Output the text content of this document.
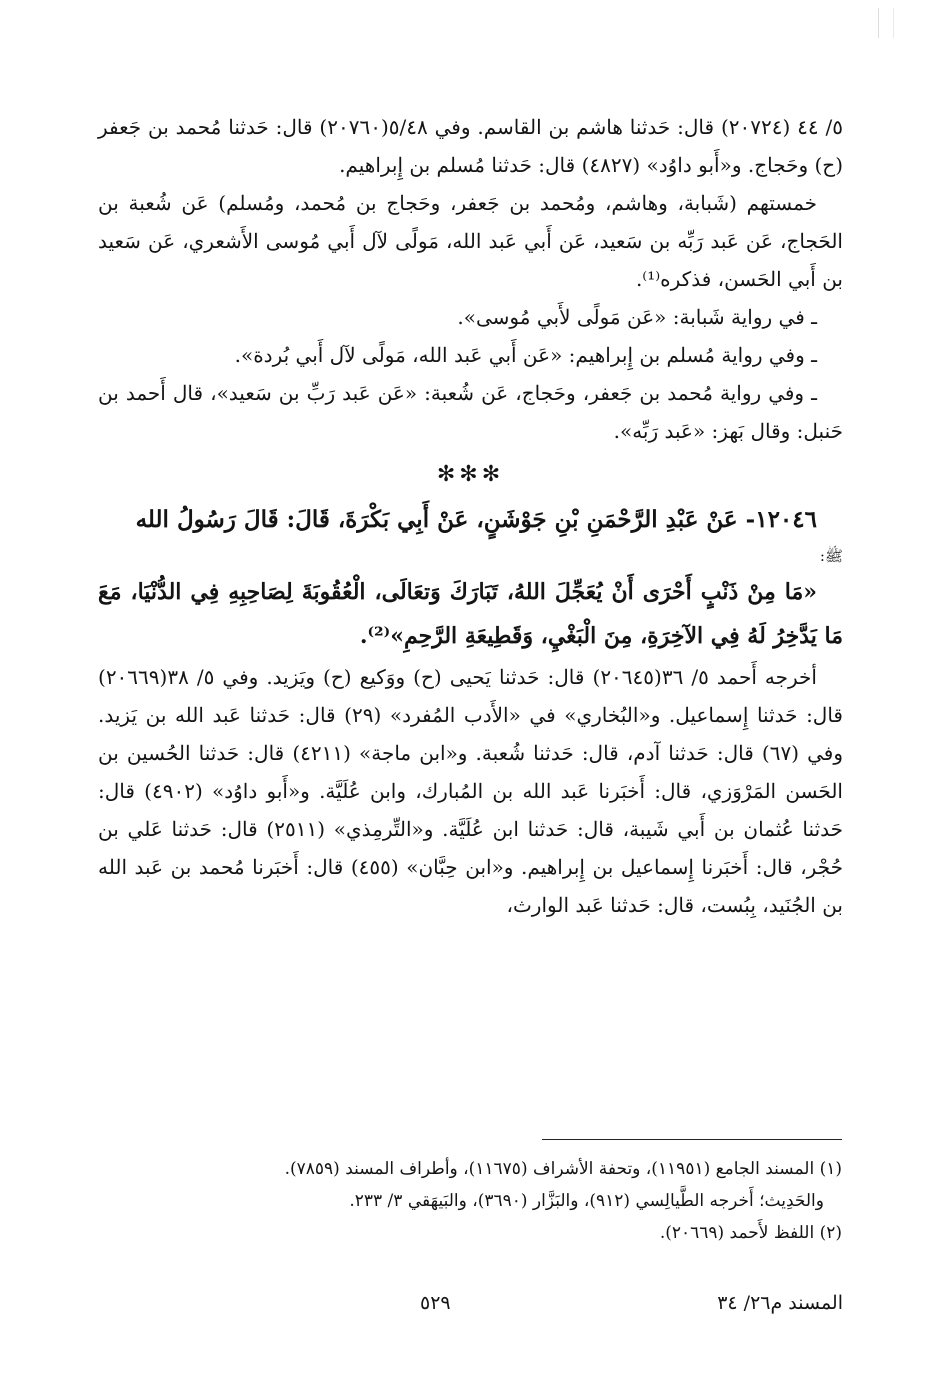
٥/ ٤٤ (٢٠٧٢٤) قال: حَدثنا هاشم بن القاسم. وفي ٥/٤٨(٢٠٧٦٠) قال: حَدثنا مُحمد بن جَعفر (ح) وحَجاج. و«أَبو داوُد» (٤٨٢٧) قال: حَدثنا مُسلم بن إِبراهيم.

خمستهم (شَبابة، وهاشم، ومُحمد بن جَعفر، وحَجاج بن مُحمد، ومُسلم) عَن شُعبة بن الحَجاج، عَن عَبد رَبِّه بن سَعيد، عَن أَبي عَبد الله، مَولًى لآل أَبي مُوسى الأَشعري، عَن سَعيد بن أَبي الحَسن، فذكره⁽¹⁾.

ـ في رواية شَبابة: «عَن مَولًى لأَبي مُوسى».

ـ وفي رواية مُسلم بن إِبراهيم: «عَن أَبي عَبد الله، مَولًى لآل أَبي بُردة».

ـ وفي رواية مُحمد بن جَعفر، وحَجاج، عَن شُعبة: «عَن عَبد رَبِّ بن سَعيد»، قال أَحمد بن حَنبل: وقال بَهز: «عَبد رَبِّه».

✻✻✻

١٢٠٤٦- عَنْ عَبْدِ الرَّحْمَنِ بْنِ جَوْشَنٍ، عَنْ أَبِي بَكْرَةَ، قَالَ: قَالَ رَسُولُ الله

ﷺ:

«مَا مِنْ ذَنْبٍ أَحْرَى أَنْ يُعَجِّلَ اللهُ، تَبَارَكَ وَتعَالَى، الْعُقُوبَةَ لِصَاحِبِهِ فِي الدُّنْيَا، مَعَ مَا يَدَّخِرُ لَهُ فِي الآخِرَةِ، مِنَ الْبَغْيِ، وَقَطِيعَةِ الرَّحِمِ»⁽²⁾.

أخرجه أَحمد ٥/ ٣٦(٢٠٦٤٥) قال: حَدثنا يَحيى (ح) ووَكيع (ح) ويَزيد. وفي ٥/ ٣٨(٢٠٦٦٩) قال: حَدثنا إِسماعيل. و«البُخاري» في «الأَدب المُفرد» (٢٩) قال: حَدثنا عَبد الله بن يَزيد. وفي (٦٧) قال: حَدثنا آدم، قال: حَدثنا شُعبة. و«ابن ماجة» (٤٢١١) قال: حَدثنا الحُسين بن الحَسن المَرْوَزي، قال: أَخبَرنا عَبد الله بن المُبارك، وابن عُلَيَّة. و«أَبو داوُد» (٤٩٠٢) قال: حَدثنا عُثمان بن أَبي شَيبة، قال: حَدثنا ابن عُلَيَّة. و«التِّرمِذي» (٢٥١١) قال: حَدثنا عَلي بن حُجْر، قال: أَخبَرنا إِسماعيل بن إِبراهيم. و«ابن حِبَّان» (٤٥٥) قال: أَخبَرنا مُحمد بن عَبد الله بن الجُنَيد، بِبُست، قال: حَدثنا عَبد الوارث،

(١) المسند الجامع (١١٩٥١)، وتحفة الأشراف (١١٦٧٥)، وأطراف المسند (٧٨٥٩).

والحَدِيث؛ أَخرجه الطَّيالِسي (٩١٢)، والبَزَّار (٣٦٩٠)، والبَيهَقي ٣/ ٢٣٣.

(٢) اللفظ لأَحمد (٢٠٦٦٩).

٥٢٩	المسند م٢٦/ ٣٤
